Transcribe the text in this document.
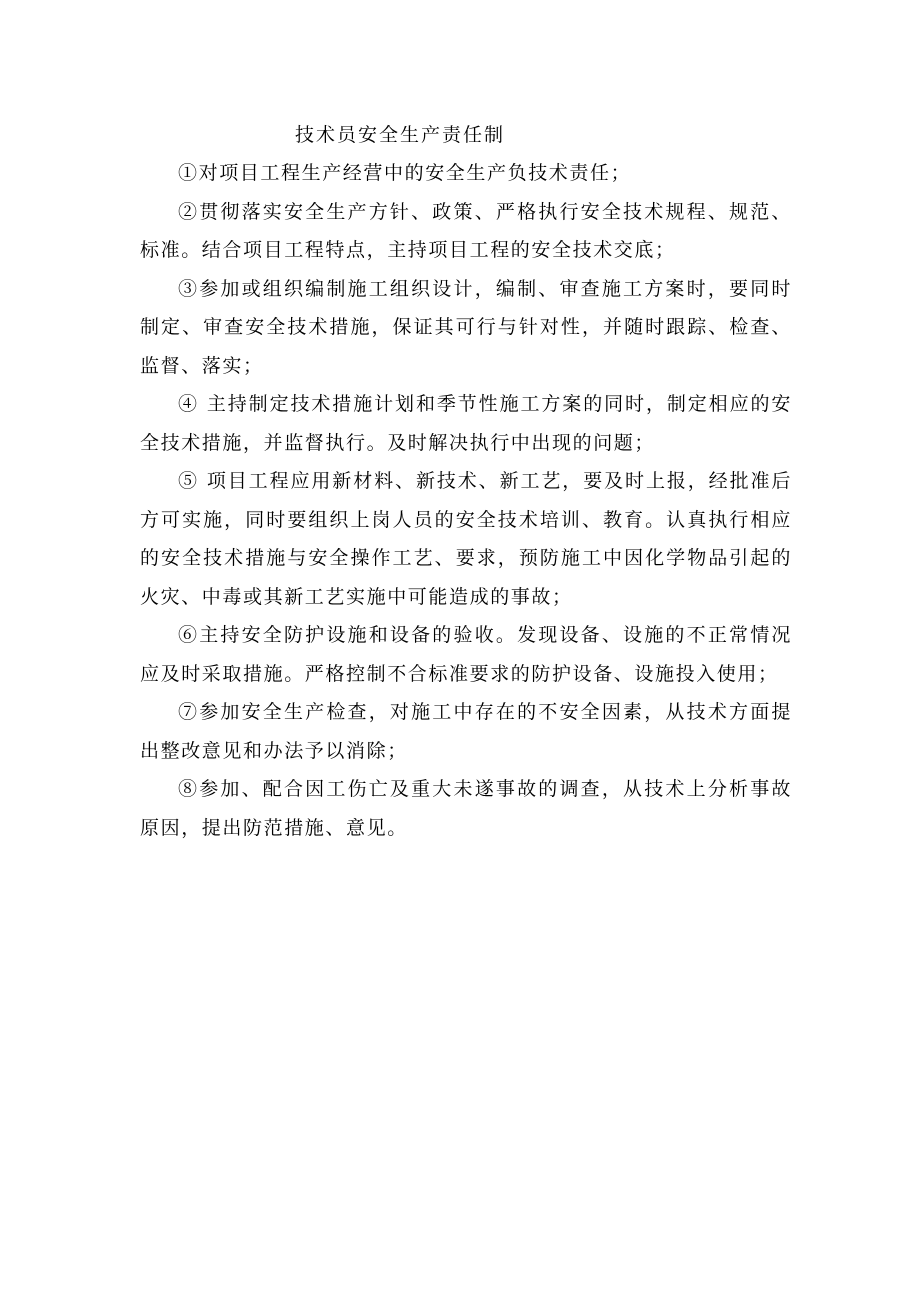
技术员安全生产责任制

①对项目工程生产经营中的安全生产负技术责任；

②贯彻落实安全生产方针、政策、严格执行安全技术规程、规范、标准。结合项目工程特点，主持项目工程的安全技术交底；

③参加或组织编制施工组织设计，编制、审查施工方案时，要同时制定、审查安全技术措施，保证其可行与针对性，并随时跟踪、检查、监督、落实；

④ 主持制定技术措施计划和季节性施工方案的同时，制定相应的安全技术措施，并监督执行。及时解决执行中出现的问题；

⑤ 项目工程应用新材料、新技术、新工艺，要及时上报，经批准后方可实施，同时要组织上岗人员的安全技术培训、教育。认真执行相应的安全技术措施与安全操作工艺、要求，预防施工中因化学物品引起的火灾、中毒或其新工艺实施中可能造成的事故；

⑥主持安全防护设施和设备的验收。发现设备、设施的不正常情况应及时采取措施。严格控制不合标准要求的防护设备、设施投入使用；

⑦参加安全生产检查，对施工中存在的不安全因素，从技术方面提出整改意见和办法予以消除；

⑧参加、配合因工伤亡及重大未遂事故的调查，从技术上分析事故原因，提出防范措施、意见。
